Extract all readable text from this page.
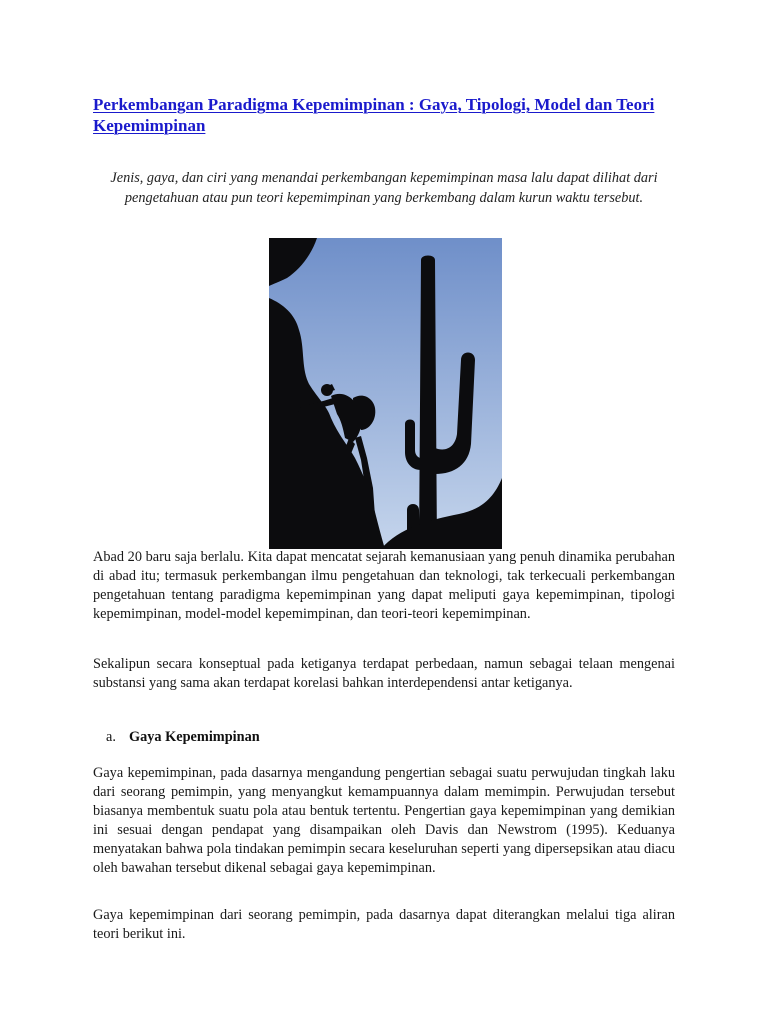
Perkembangan Paradigma Kepemimpinan : Gaya, Tipologi, Model dan Teori Kepemimpinan

Jenis, gaya, dan ciri yang menandai perkembangan kepemimpinan masa lalu dapat dilihat dari pengetahuan atau pun teori kepemimpinan yang berkembang dalam kurun waktu tersebut.

Abad 20 baru saja berlalu. Kita dapat mencatat sejarah kemanusiaan yang penuh dinamika perubahan di abad itu; termasuk perkembangan ilmu pengetahuan dan teknologi, tak terkecuali perkembangan pengetahuan tentang paradigma kepemimpinan yang dapat meliputi gaya kepemimpinan, tipologi kepemimpinan, model-model kepemimpinan, dan teori-teori kepemimpinan.

Sekalipun secara konseptual pada ketiganya terdapat perbedaan, namun sebagai telaan mengenai substansi yang sama akan terdapat korelasi bahkan interdependensi antar ketiganya.

a. Gaya Kepemimpinan

Gaya kepemimpinan, pada dasarnya mengandung pengertian sebagai suatu perwujudan tingkah laku dari seorang pemimpin, yang menyangkut kemampuannya dalam memimpin. Perwujudan tersebut biasanya membentuk suatu pola atau bentuk tertentu. Pengertian gaya kepemimpinan yang demikian ini sesuai dengan pendapat yang disampaikan oleh Davis dan Newstrom (1995). Keduanya menyatakan bahwa pola tindakan pemimpin secara keseluruhan seperti yang dipersepsikan atau diacu oleh bawahan tersebut dikenal sebagai gaya kepemimpinan.

Gaya kepemimpinan dari seorang pemimpin, pada dasarnya dapat diterangkan melalui tiga aliran teori berikut ini.
